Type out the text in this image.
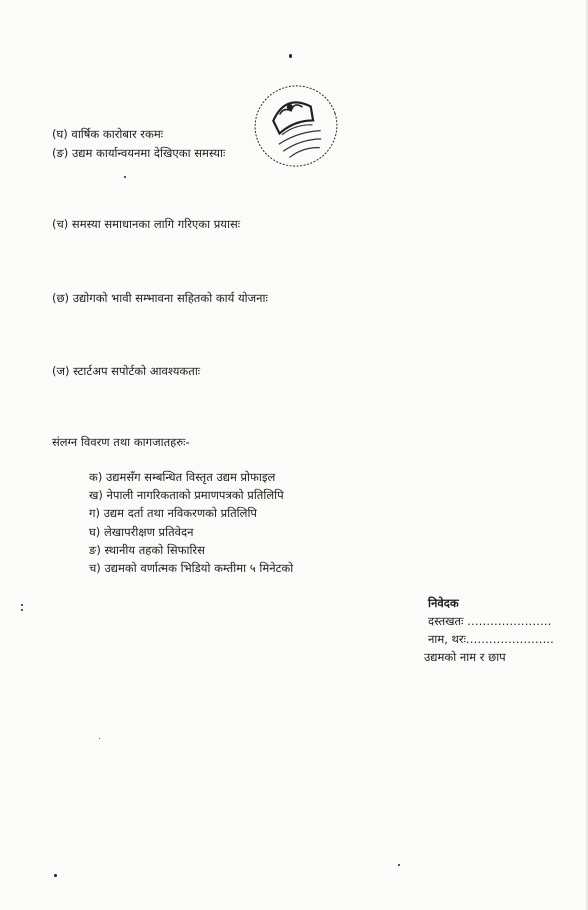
(घ) वार्षिक कारोबार रकमः
(ङ) उद्यम कार्यान्वयनमा देखिएका समस्याः
(च) समस्या समाधानका लागि गरिएका प्रयासः
(छ) उद्योगको भावी सम्भावना सहितको कार्य योजनाः
(ज) स्टार्टअप सपोर्टको आवश्यकताः
संलग्न विवरण तथा कागजातहरुः-
क) उद्यमसँग सम्बन्धित विस्तृत उद्यम प्रोफाइल
ख) नेपाली नागरिकताको प्रमाणपत्रको प्रतिलिपि
ग) उद्यम दर्ता तथा नविकरणको प्रतिलिपि
घ) लेखापरीक्षण प्रतिवेदन
ङ) स्थानीय तहको सिफारिस
च) उद्यमको वर्णात्मक भिडियो कम्तीमा ५ मिनेटको
निवेदक
दस्तखतः ………………….
नाम, थरः…………………..
उद्यमको नाम र छाप
